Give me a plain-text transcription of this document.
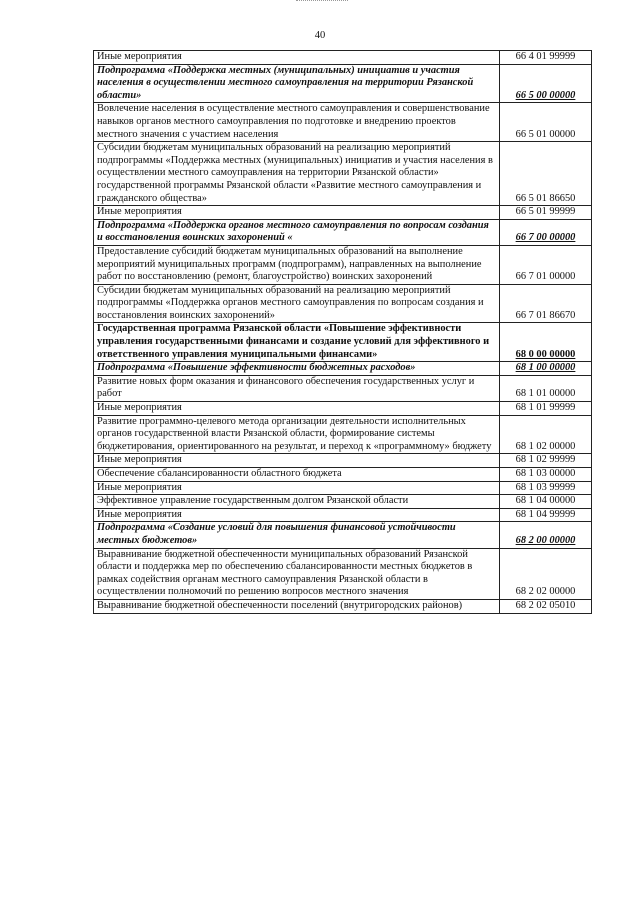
40
Иные мероприятия	66 4 01 99999
Подпрограмма «Поддержка местных (муниципальных) инициатив и участия населения в осуществлении местного самоуправления на территории Рязанской области»	66 5 00 00000
Вовлечение населения в осуществление местного самоуправления и совершенствование навыков органов местного самоуправления по подготовке и внедрению проектов местного значения с участием населения	66 5 01 00000
Субсидии бюджетам муниципальных образований на реализацию мероприятий подпрограммы «Поддержка местных (муниципальных) инициатив и участия населения в осуществлении местного самоуправления на территории Рязанской области» государственной программы Рязанской области «Развитие местного самоуправления и гражданского общества»	66 5 01 86650
Иные мероприятия	66 5 01 99999
Подпрограмма «Поддержка органов местного самоуправления по вопросам создания и восстановления воинских захоронений «	66 7 00 00000
Предоставление субсидий бюджетам муниципальных образований на выполнение мероприятий муниципальных программ (подпрограмм), направленных на выполнение работ по восстановлению (ремонт, благоустройство) воинских захоронений	66 7 01 00000
Субсидии бюджетам муниципальных образований на реализацию мероприятий подпрограммы «Поддержка органов местного самоуправления по вопросам создания и восстановления воинских захоронений»	66 7 01 86670
Государственная программа Рязанской области «Повышение эффективности управления государственными финансами и создание условий для эффективного и ответственного управления муниципальными финансами»	68 0 00 00000
Подпрограмма «Повышение эффективности бюджетных расходов»	68 1 00 00000
Развитие новых форм оказания и финансового обеспечения государственных услуг и работ	68 1 01 00000
Иные мероприятия	68 1 01 99999
Развитие программно-целевого метода организации деятельности исполнительных органов государственной власти Рязанской области, формирование системы бюджетирования, ориентированного на результат, и переход к «программному» бюджету	68 1 02 00000
Иные мероприятия	68 1 02 99999
Обеспечение сбалансированности областного бюджета	68 1 03 00000
Иные мероприятия	68 1 03 99999
Эффективное управление государственным долгом Рязанской области	68 1 04 00000
Иные мероприятия	68 1 04 99999
Подпрограмма «Создание условий для повышения финансовой устойчивости местных бюджетов»	68 2 00 00000
Выравнивание бюджетной обеспеченности муниципальных образований Рязанской области и поддержка мер по обеспечению сбалансированности местных бюджетов в рамках содействия органам местного самоуправления Рязанской области в осуществлении полномочий по решению вопросов местного значения	68 2 02 00000
Выравнивание бюджетной обеспеченности поселений (внутригородских районов)	68 2 02 05010
